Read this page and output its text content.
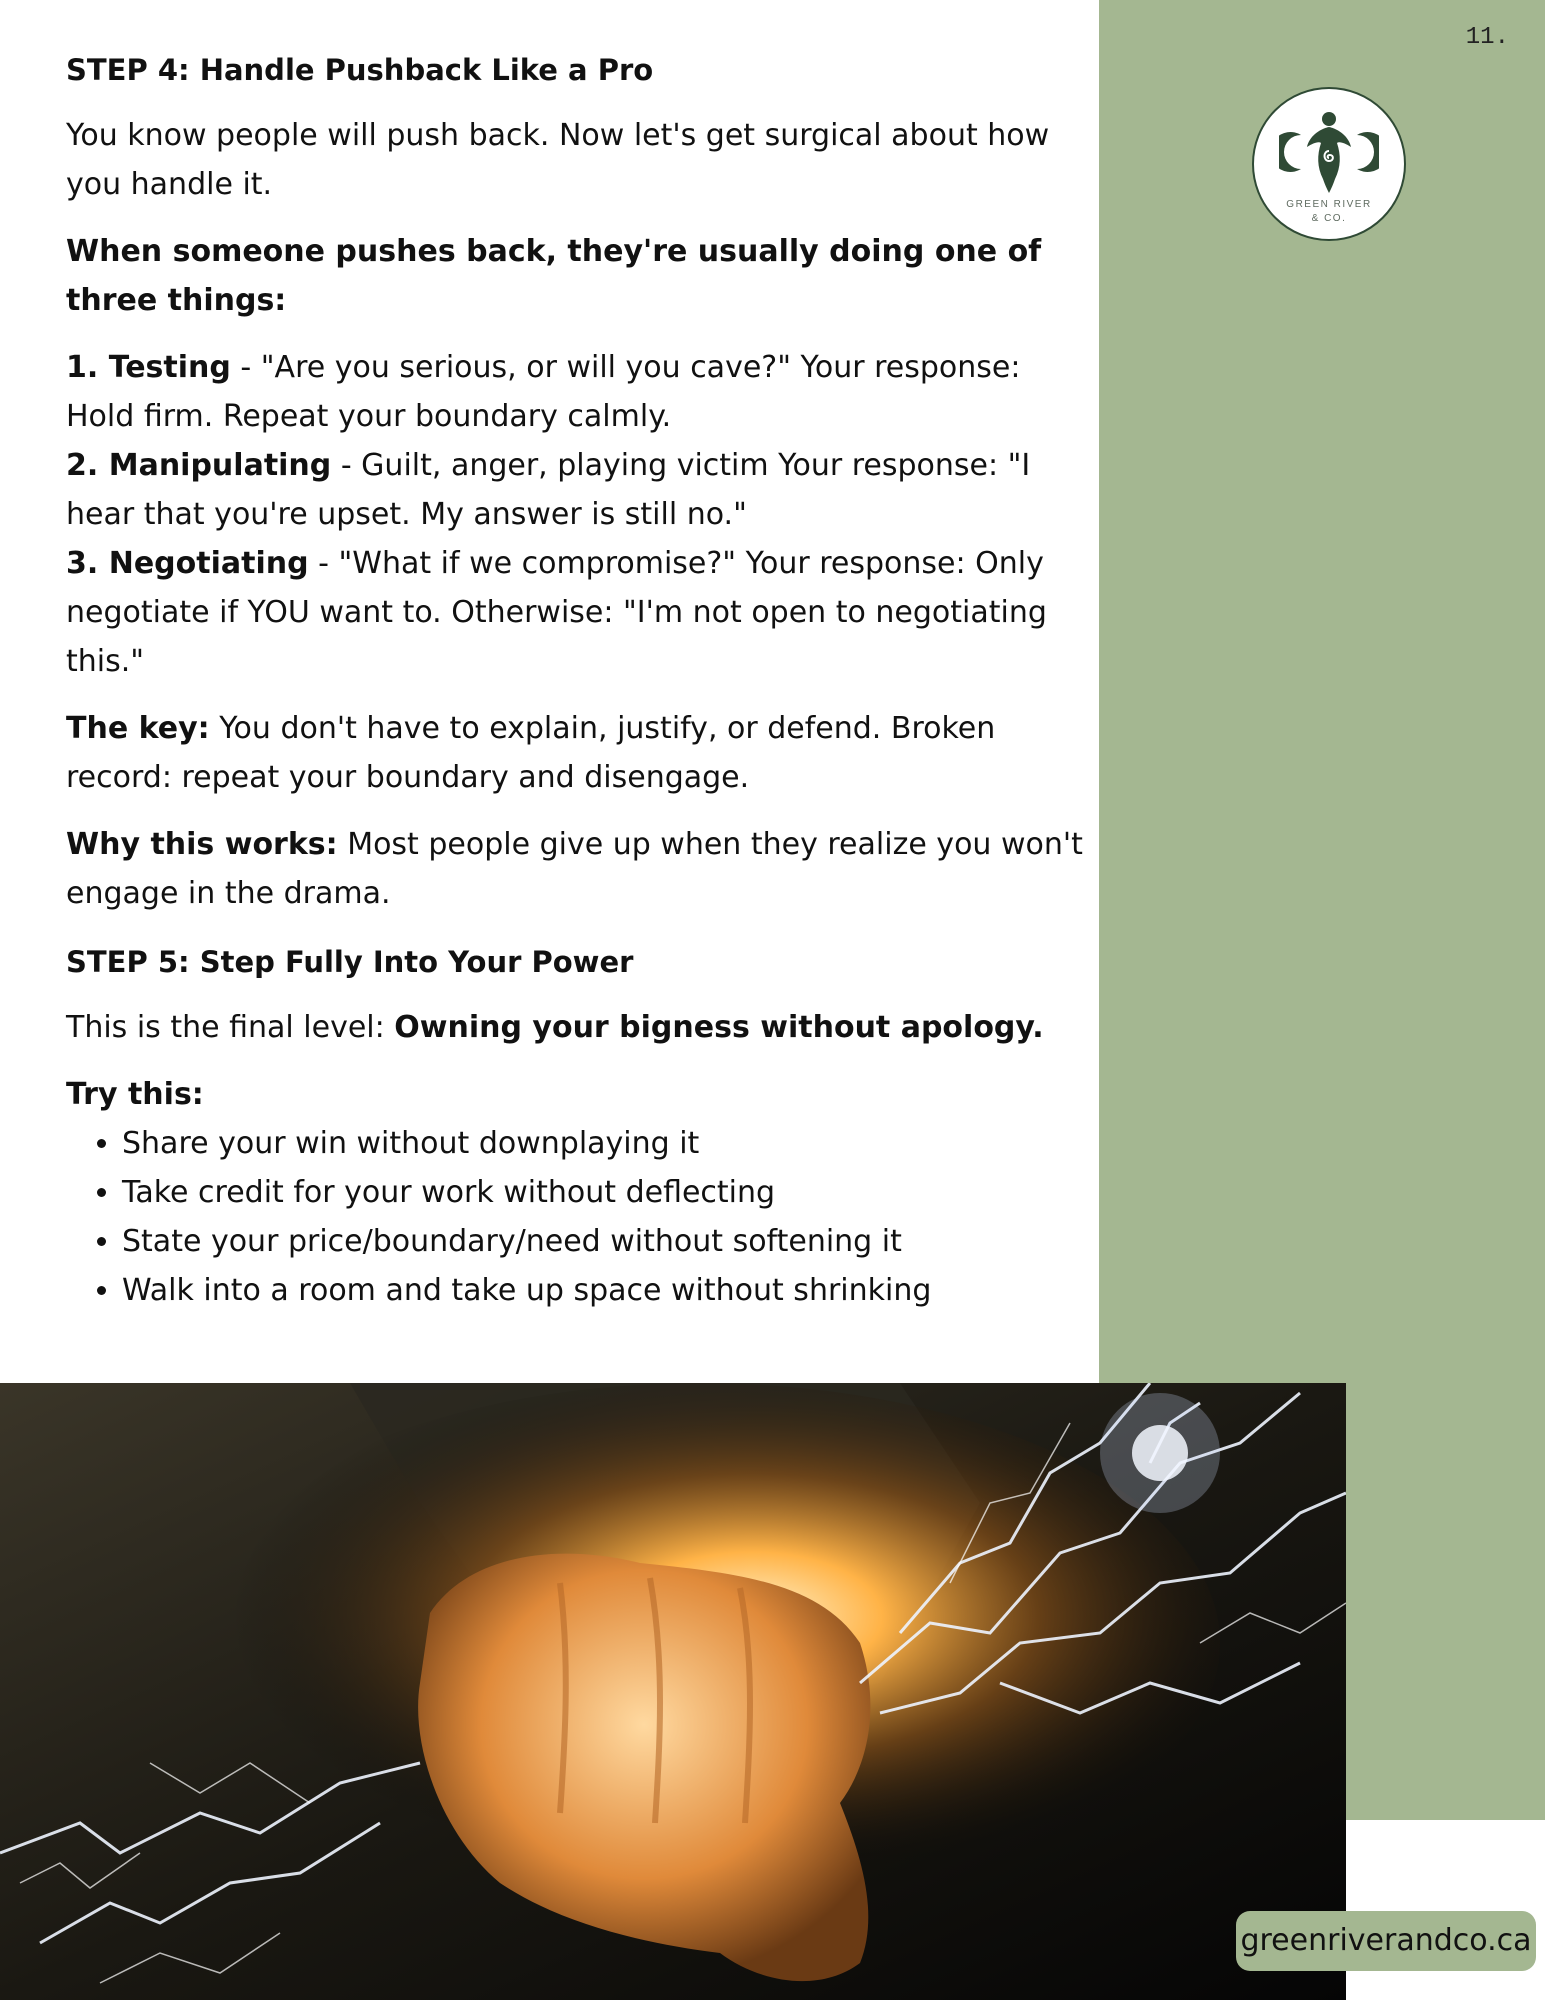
11.
GREEN RIVER
& CO.
STEP 4: Handle Pushback Like a Pro

You know people will push back. Now let's get surgical about how you handle it.

When someone pushes back, they're usually doing one of three things:

1. Testing - "Are you serious, or will you cave?" Your response: Hold firm. Repeat your boundary calmly.

2. Manipulating - Guilt, anger, playing victim Your response: "I hear that you're upset. My answer is still no."

3. Negotiating - "What if we compromise?" Your response: Only negotiate if YOU want to. Otherwise: "I'm not open to negotiating this."

The key: You don't have to explain, justify, or defend. Broken record: repeat your boundary and disengage.

Why this works: Most people give up when they realize you won't engage in the drama.

STEP 5: Step Fully Into Your Power

This is the final level: Owning your bigness without apology.

Try this:

• Share your win without downplaying it
• Take credit for your work without deflecting
• State your price/boundary/need without softening it
• Walk into a room and take up space without shrinking
greenriverandco.ca
